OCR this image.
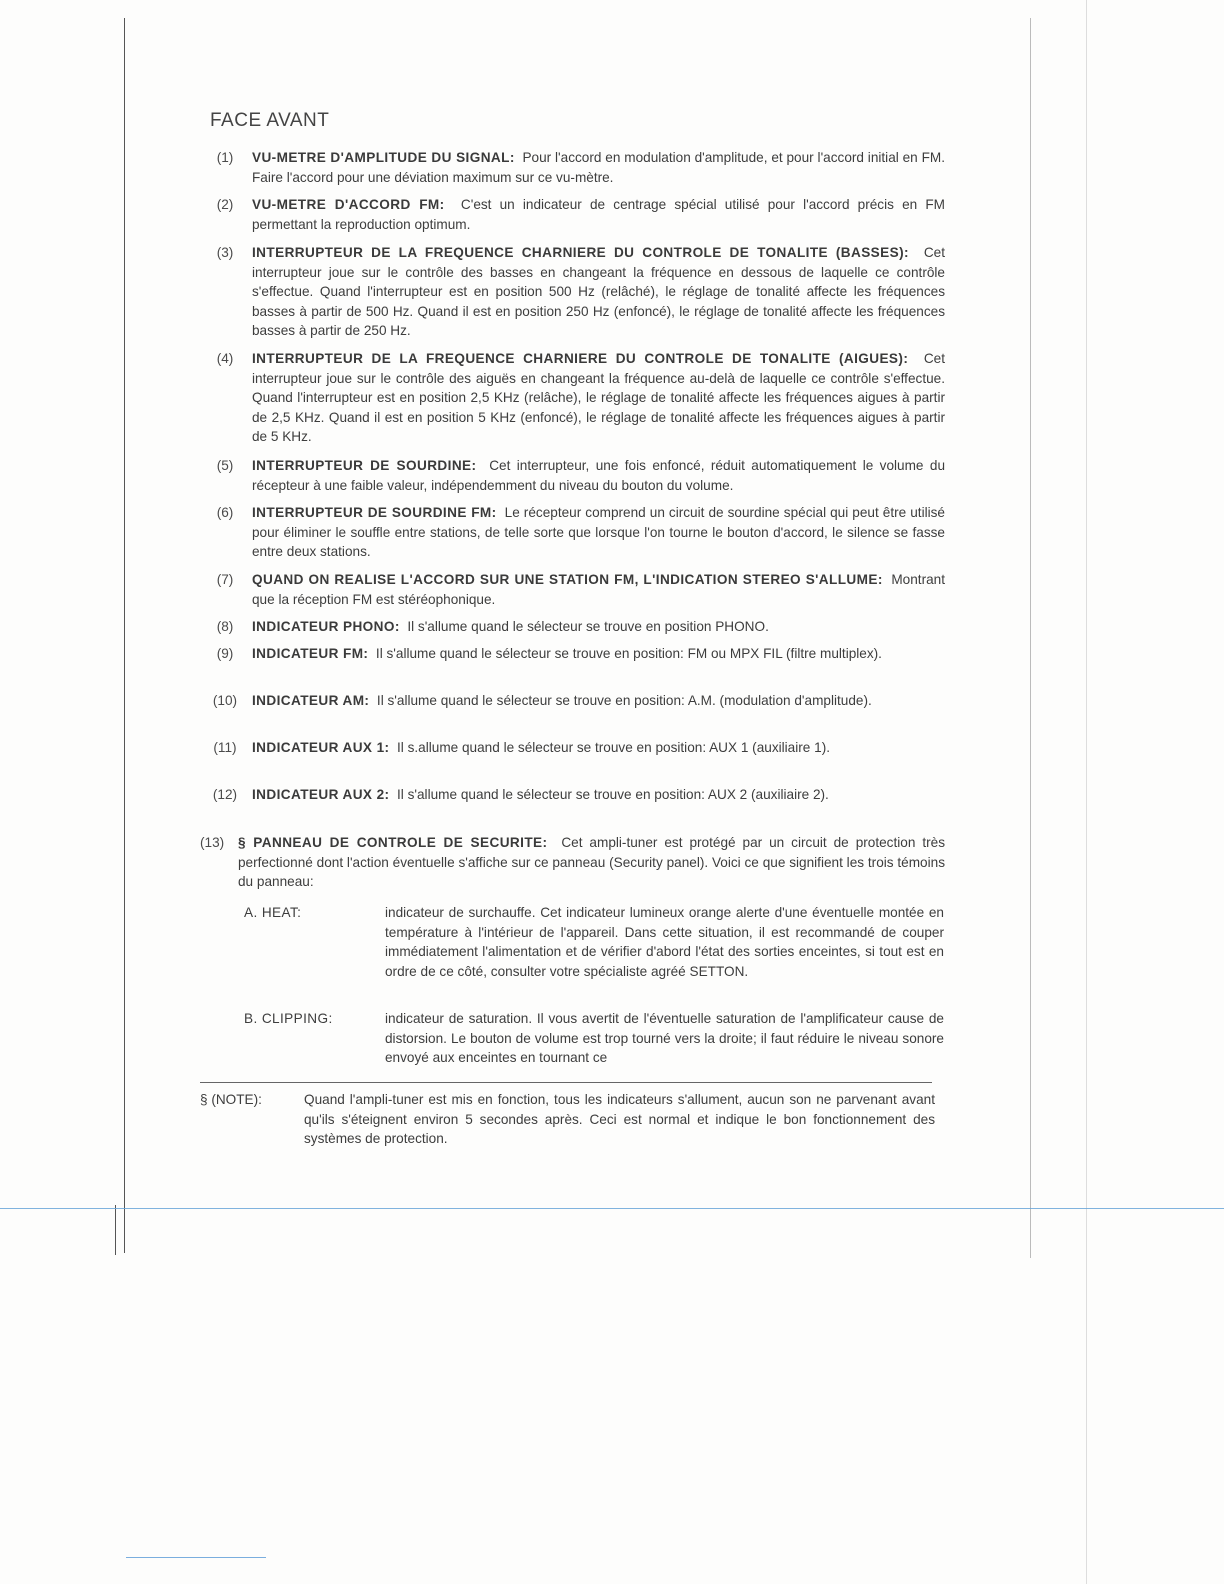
FACE AVANT
(1)	VU-METRE D'AMPLITUDE DU SIGNAL: Pour l'accord en modulation d'amplitude, et pour l'accord initial en FM. Faire l'accord pour une déviation maximum sur ce vu-mètre.
(2)	VU-METRE D'ACCORD FM: C'est un indicateur de centrage spécial utilisé pour l'accord précis en FM permettant la reproduction optimum.
(3)	INTERRUPTEUR DE LA FREQUENCE CHARNIERE DU CONTROLE DE TONALITE (BASSES): Cet interrupteur joue sur le contrôle des basses en changeant la fréquence en dessous de laquelle ce contrôle s'effectue. Quand l'interrupteur est en position 500 Hz (relâché), le réglage de tonalité affecte les fréquences basses à partir de 500 Hz. Quand il est en position 250 Hz (enfoncé), le réglage de tonalité affecte les fréquences basses à partir de 250 Hz.
(4)	INTERRUPTEUR DE LA FREQUENCE CHARNIERE DU CONTROLE DE TONALITE (AIGUES): Cet interrupteur joue sur le contrôle des aiguës en changeant la fréquence au-delà de laquelle ce contrôle s'effectue. Quand l'interrupteur est en position 2,5 KHz (relâche), le réglage de tonalité affecte les fréquences aigues à partir de 2,5 KHz. Quand il est en position 5 KHz (enfoncé), le réglage de tonalité affecte les fréquences aigues à partir de 5 KHz.
(5)	INTERRUPTEUR DE SOURDINE: Cet interrupteur, une fois enfoncé, réduit automatiquement le volume du récepteur à une faible valeur, indépendemment du niveau du bouton du volume.
(6)	INTERRUPTEUR DE SOURDINE FM: Le récepteur comprend un circuit de sourdine spécial qui peut être utilisé pour éliminer le souffle entre stations, de telle sorte que lorsque l'on tourne le bouton d'accord, le silence se fasse entre deux stations.
(7)	QUAND ON REALISE L'ACCORD SUR UNE STATION FM, L'INDICATION STEREO S'ALLUME: Montrant que la réception FM est stéréophonique.
(8)	INDICATEUR PHONO: Il s'allume quand le sélecteur se trouve en position PHONO.
(9)	INDICATEUR FM: Il s'allume quand le sélecteur se trouve en position: FM ou MPX FIL (filtre multiplex).
(10)	INDICATEUR AM: Il s'allume quand le sélecteur se trouve en position: A.M. (modulation d'amplitude).
(11)	INDICATEUR AUX 1: Il s.allume quand le sélecteur se trouve en position: AUX 1 (auxiliaire 1).
(12)	INDICATEUR AUX 2: Il s'allume quand le sélecteur se trouve en position: AUX 2 (auxiliaire 2).
(13)	§ PANNEAU DE CONTROLE DE SECURITE: Cet ampli-tuner est protégé par un circuit de protection très perfectionné dont l'action éventuelle s'affiche sur ce panneau (Security panel). Voici ce que signifient les trois témoins du panneau:
A. HEAT:	indicateur de surchauffe. Cet indicateur lumineux orange alerte d'une éventuelle montée en température à l'intérieur de l'appareil. Dans cette situation, il est recommandé de couper immédiatement l'alimentation et de vérifier d'abord l'état des sorties enceintes, si tout est en ordre de ce côté, consulter votre spécialiste agréé SETTON.
B. CLIPPING:	indicateur de saturation. Il vous avertit de l'éventuelle saturation de l'amplificateur cause de distorsion. Le bouton de volume est trop tourné vers la droite; il faut réduire le niveau sonore envoyé aux enceintes en tournant ce
§ (NOTE):	Quand l'ampli-tuner est mis en fonction, tous les indicateurs s'allument, aucun son ne parvenant avant qu'ils s'éteignent environ 5 secondes après. Ceci est normal et indique le bon fonctionnement des systèmes de protection.
